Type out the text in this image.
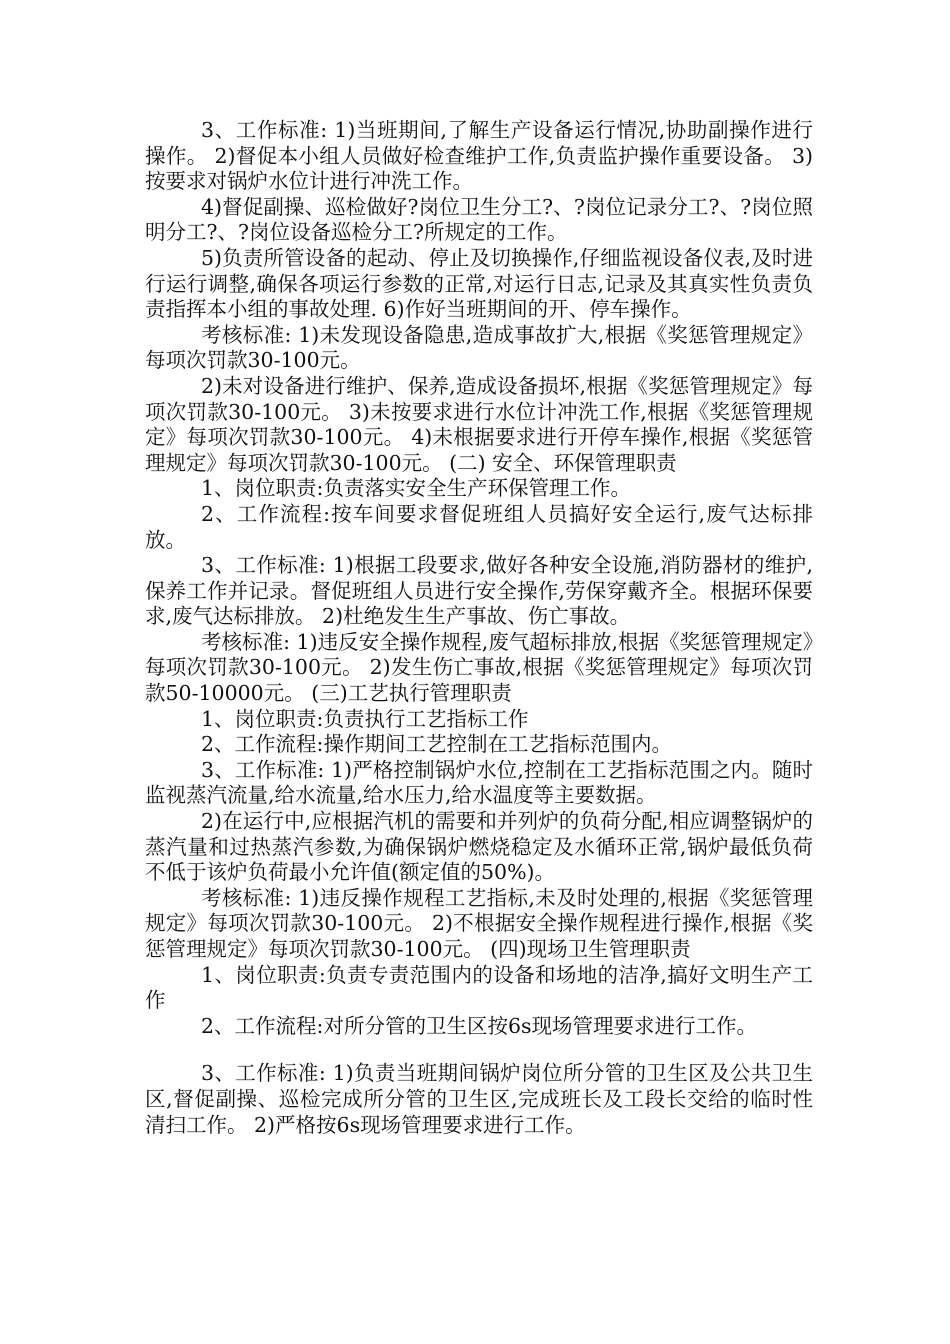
3、工作标准: 1)当班期间,了解生产设备运行情况,协助副操作进行操作。 2)督促本小组人员做好检查维护工作,负责监护操作重要设备。 3)按要求对锅炉水位计进行冲洗工作。

4)督促副操、巡检做好?岗位卫生分工?、?岗位记录分工?、?岗位照明分工?、?岗位设备巡检分工?所规定的工作。

5)负责所管设备的起动、停止及切换操作,仔细监视设备仪表,及时进行运行调整,确保各项运行参数的正常,对运行日志,记录及其真实性负责负责指挥本小组的事故处理. 6)作好当班期间的开、停车操作。

考核标准: 1)未发现设备隐患,造成事故扩大,根据《奖惩管理规定》每项次罚款30-100元。

2)未对设备进行维护、保养,造成设备损坏,根据《奖惩管理规定》每项次罚款30-100元。 3)未按要求进行水位计冲洗工作,根据《奖惩管理规定》每项次罚款30-100元。 4)未根据要求进行开停车操作,根据《奖惩管理规定》每项次罚款30-100元。 (二) 安全、环保管理职责

1、岗位职责:负责落实安全生产环保管理工作。

2、工作流程:按车间要求督促班组人员搞好安全运行,废气达标排放。

3、工作标准: 1)根据工段要求,做好各种安全设施,消防器材的维护,保养工作并记录。督促班组人员进行安全操作,劳保穿戴齐全。根据环保要求,废气达标排放。 2)杜绝发生生产事故、伤亡事故。

考核标准: 1)违反安全操作规程,废气超标排放,根据《奖惩管理规定》每项次罚款30-100元。 2)发生伤亡事故,根据《奖惩管理规定》每项次罚款50-10000元。 (三)工艺执行管理职责

1、岗位职责:负责执行工艺指标工作

2、工作流程:操作期间工艺控制在工艺指标范围内。

3、工作标准: 1)严格控制锅炉水位,控制在工艺指标范围之内。随时监视蒸汽流量,给水流量,给水压力,给水温度等主要数据。

2)在运行中,应根据汽机的需要和并列炉的负荷分配,相应调整锅炉的蒸汽量和过热蒸汽参数,为确保锅炉燃烧稳定及水循环正常,锅炉最低负荷不低于该炉负荷最小允许值(额定值的50%)。

考核标准: 1)违反操作规程工艺指标,未及时处理的,根据《奖惩管理规定》每项次罚款30-100元。 2)不根据安全操作规程进行操作,根据《奖惩管理规定》每项次罚款30-100元。 (四)现场卫生管理职责

1、岗位职责:负责专责范围内的设备和场地的洁净,搞好文明生产工作

2、工作流程:对所分管的卫生区按6s现场管理要求进行工作。

3、工作标准: 1)负责当班期间锅炉岗位所分管的卫生区及公共卫生区,督促副操、巡检完成所分管的卫生区,完成班长及工段长交给的临时性清扫工作。 2)严格按6s现场管理要求进行工作。
